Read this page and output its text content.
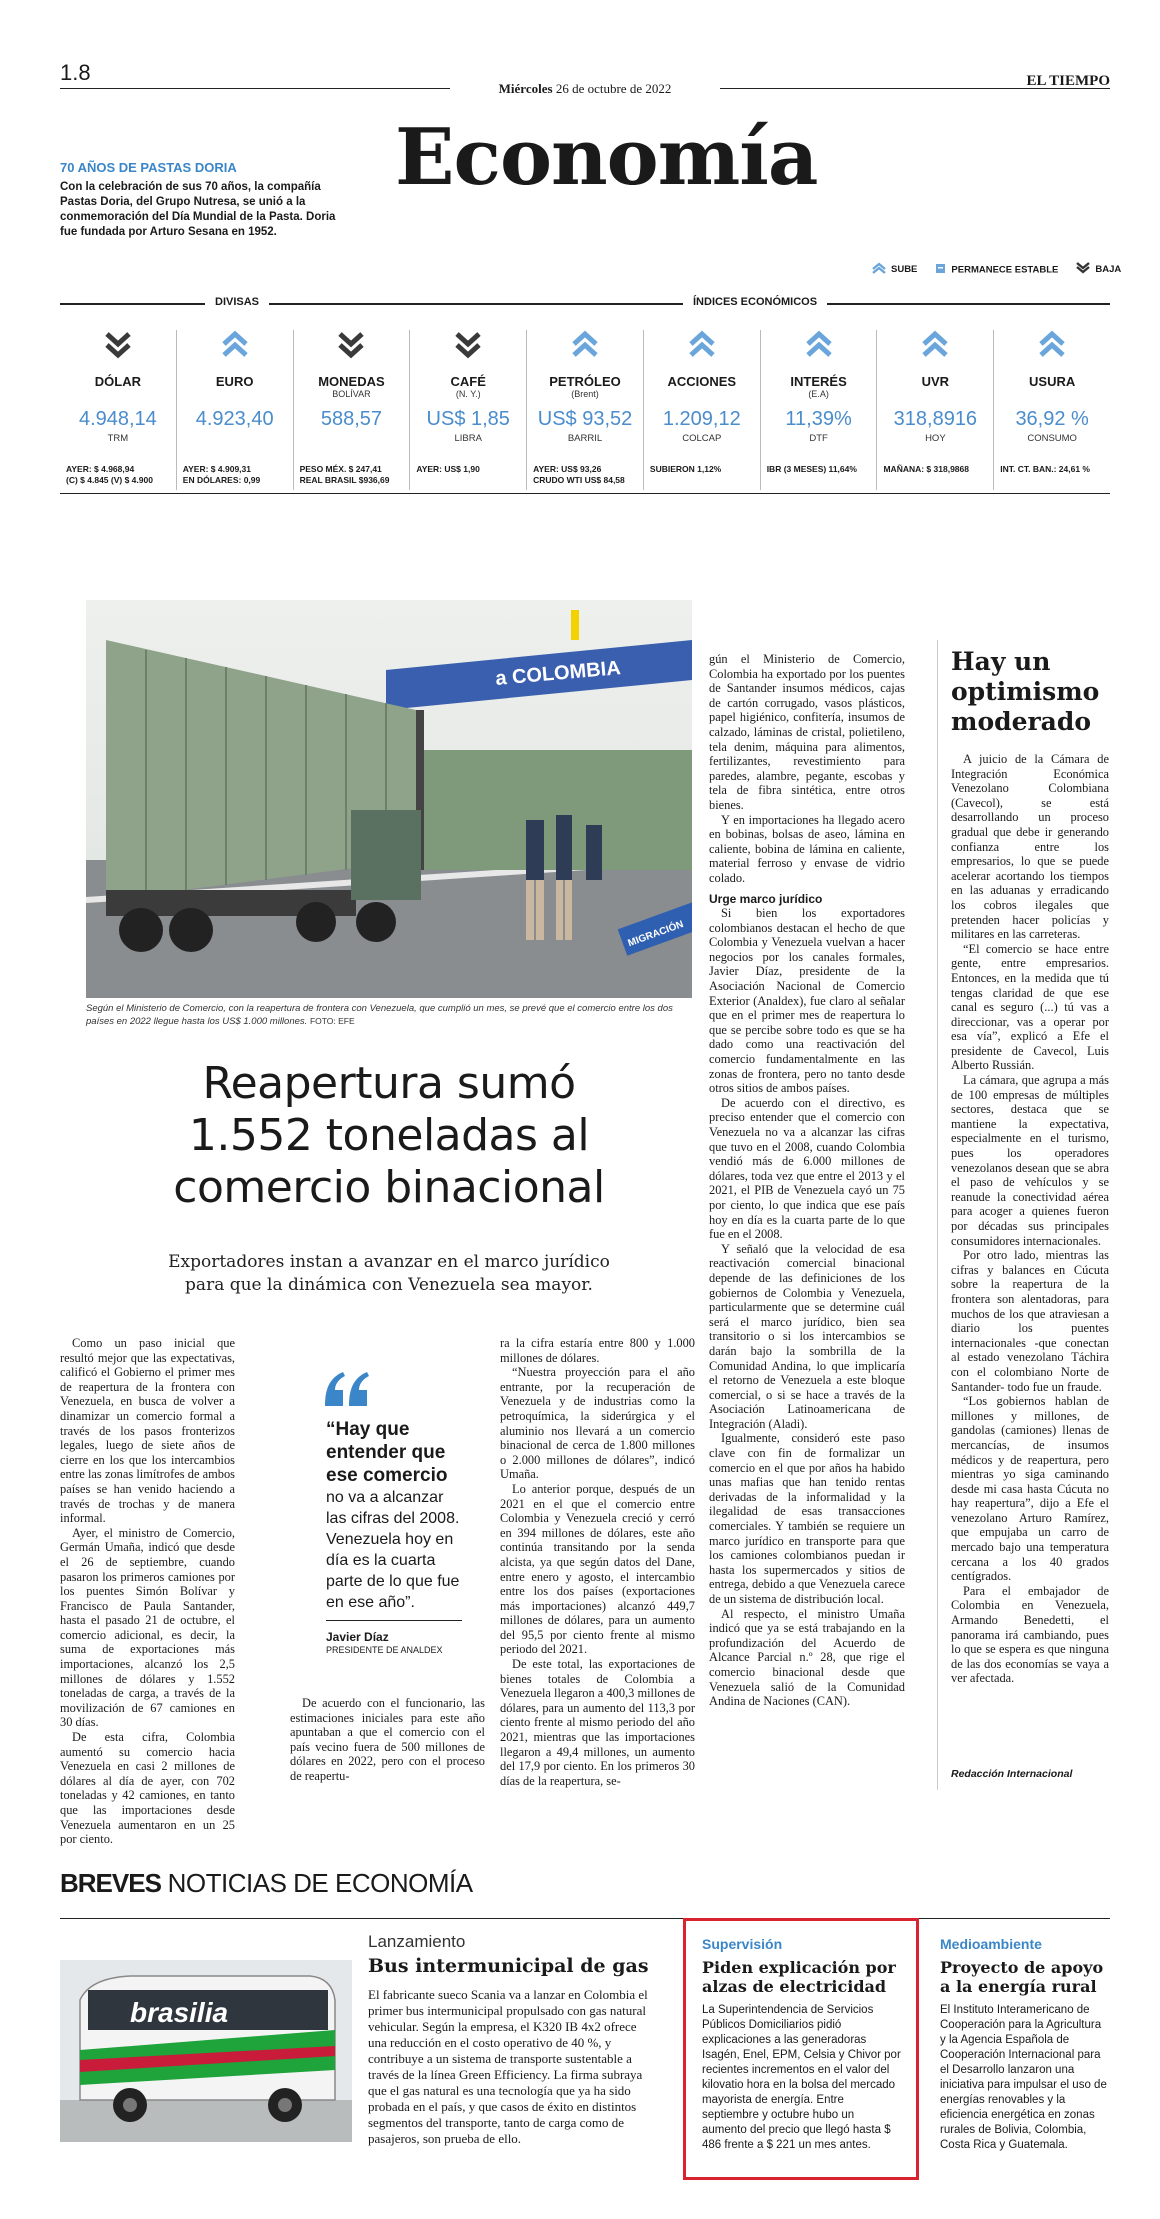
1.8
Miércoles 26 de octubre de 2022	EL TIEMPO
Economía
70 AÑOS DE PASTAS DORIA
Con la celebración de sus 70 años, la compañía Pastas Doria, del Grupo Nutresa, se unió a la conmemoración del Día Mundial de la Pasta. Doria fue fundada por Arturo Sesana en 1952.
SUBE	PERMANECE ESTABLE	BAJA
DIVISAS	ÍNDICES ECONÓMICOS
DÓLAR
4.948,14
TRM
AYER: $ 4.968,94
(C) $ 4.845 (V) $ 4.900
EURO
4.923,40
AYER: $ 4.909,31
EN DÓLARES: 0,99
MONEDAS
BOLÍVAR
588,57
PESO MÉX. $ 247,41
REAL BRASIL $936,69
CAFÉ
(N. Y.)
US$ 1,85
LIBRA
AYER: US$ 1,90
PETRÓLEO
(Brent)
US$ 93,52
BARRIL
AYER: US$ 93,26
CRUDO WTI US$ 84,58
ACCIONES
1.209,12
COLCAP
SUBIERON 1,12%
INTERÉS
(E.A)
11,39%
DTF
IBR (3 MESES) 11,64%
UVR
318,8916
HOY
MAÑANA: $ 318,9868
USURA
36,92 %
CONSUMO
INT. CT. BAN.: 24,61 %
a COLOMBIA
MIGRACIÓN
Según el Ministerio de Comercio, con la reapertura de frontera con Venezuela, que cumplió un mes, se prevé que el comercio entre los dos países en 2022 llegue hasta los US$ 1.000 millones. FOTO: EFE
Reapertura sumó
1.552 toneladas al
comercio binacional
Exportadores instan a avanzar en el marco jurídico
para que la dinámica con Venezuela sea mayor.

Como un paso inicial que resultó mejor que las expectativas, calificó el Gobierno el primer mes de reapertura de la frontera con Venezuela, en busca de volver a dinamizar un comercio formal a través de los pasos fronterizos legales, luego de siete años de cierre en los que los intercambios entre las zonas limítrofes de ambos países se han venido haciendo a través de trochas y de manera informal.

Ayer, el ministro de Comercio, Germán Umaña, indicó que desde el 26 de septiembre, cuando pasaron los primeros camiones por los puentes Simón Bolívar y Francisco de Paula Santander, hasta el pasado 21 de octubre, el comercio adicional, es decir, la suma de exportaciones más importaciones, alcanzó los 2,5 millones de dólares y 1.552 toneladas de carga, a través de la movilización de 67 camiones en 30 días.

De esta cifra, Colombia aumentó su comercio hacia Venezuela en casi 2 millones de dólares al día de ayer, con 702 toneladas y 42 camiones, en tanto que las importaciones desde Venezuela aumentaron en un 25 por ciento.

“Hay que entender que ese comercio
no va a alcanzar las cifras del 2008. Venezuela hoy en día es la cuarta parte de lo que fue en ese año”.
Javier Díaz
PRESIDENTE DE ANALDEX

De acuerdo con el funcionario, las estimaciones iniciales para este año apuntaban a que el comercio con el país vecino fuera de 500 millones de dólares en 2022, pero con el proceso de reapertu-

ra la cifra estaría entre 800 y 1.000 millones de dólares.

“Nuestra proyección para el año entrante, por la recuperación de Venezuela y de industrias como la petroquímica, la siderúrgica y el aluminio nos llevará a un comercio binacional de cerca de 1.800 millones o 2.000 millones de dólares”, indicó Umaña.

Lo anterior porque, después de un 2021 en el que el comercio entre Colombia y Venezuela creció y cerró en 394 millones de dólares, este año continúa transitando por la senda alcista, ya que según datos del Dane, entre enero y agosto, el intercambio entre los dos países (exportaciones más importaciones) alcanzó 449,7 millones de dólares, para un aumento del 95,5 por ciento frente al mismo periodo del 2021.

De este total, las exportaciones de bienes totales de Colombia a Venezuela llegaron a 400,3 millones de dólares, para un aumento del 113,3 por ciento frente al mismo periodo del año 2021, mientras que las importaciones llegaron a 49,4 millones, un aumento del 17,9 por ciento. En los primeros 30 días de la reapertura, se-

gún el Ministerio de Comercio, Colombia ha exportado por los puentes de Santander insumos médicos, cajas de cartón corrugado, vasos plásticos, papel higiénico, confitería, insumos de calzado, láminas de cristal, polietileno, tela denim, máquina para alimentos, fertilizantes, revestimiento para paredes, alambre, pegante, escobas y tela de fibra sintética, entre otros bienes.

Y en importaciones ha llegado acero en bobinas, bolsas de aseo, lámina en caliente, bobina de lámina en caliente, material ferroso y envase de vidrio colado.

Urge marco jurídico

Si bien los exportadores colombianos destacan el hecho de que Colombia y Venezuela vuelvan a hacer negocios por los canales formales, Javier Díaz, presidente de la Asociación Nacional de Comercio Exterior (Analdex), fue claro al señalar que en el primer mes de reapertura lo que se percibe sobre todo es que se ha dado como una reactivación del comercio fundamentalmente en las zonas de frontera, pero no tanto desde otros sitios de ambos países.

De acuerdo con el directivo, es preciso entender que el comercio con Venezuela no va a alcanzar las cifras que tuvo en el 2008, cuando Colombia vendió más de 6.000 millones de dólares, toda vez que entre el 2013 y el 2021, el PIB de Venezuela cayó un 75 por ciento, lo que indica que ese país hoy en día es la cuarta parte de lo que fue en el 2008.

Y señaló que la velocidad de esa reactivación comercial binacional depende de las definiciones de los gobiernos de Colombia y Venezuela, particularmente que se determine cuál será el marco jurídico, bien sea transitorio o si los intercambios se darán bajo la sombrilla de la Comunidad Andina, lo que implicaría el retorno de Venezuela a este bloque comercial, o si se hace a través de la Asociación Latinoamericana de Integración (Aladi).

Igualmente, consideró este paso clave con fin de formalizar un comercio en el que por años ha habido unas mafias que han tenido rentas derivadas de la informalidad y la ilegalidad de esas transacciones comerciales. Y también se requiere un marco jurídico en transporte para que los camiones colombianos puedan ir hasta los supermercados y sitios de entrega, debido a que Venezuela carece de un sistema de distribución local.

Al respecto, el ministro Umaña indicó que ya se está trabajando en la profundización del Acuerdo de Alcance Parcial n.º 28, que rige el comercio binacional desde que Venezuela salió de la Comunidad Andina de Naciones (CAN).

Hay un
optimismo
moderado

A juicio de la Cámara de Integración Económica Venezolano Colombiana (Cavecol), se está desarrollando un proceso gradual que debe ir generando confianza entre los empresarios, lo que se puede acelerar acortando los tiempos en las aduanas y erradicando los cobros ilegales que pretenden hacer policías y militares en las carreteras.

“El comercio se hace entre gente, entre empresarios. Entonces, en la medida que tú tengas claridad de que ese canal es seguro (...) tú vas a direccionar, vas a operar por esa vía”, explicó a Efe el presidente de Cavecol, Luis Alberto Russián.

La cámara, que agrupa a más de 100 empresas de múltiples sectores, destaca que se mantiene la expectativa, especialmente en el turismo, pues los operadores venezolanos desean que se abra el paso de vehículos y se reanude la conectividad aérea para acoger a quienes fueron por décadas sus principales consumidores internacionales.

Por otro lado, mientras las cifras y balances en Cúcuta sobre la reapertura de la frontera son alentadoras, para muchos de los que atraviesan a diario los puentes internacionales -que conectan al estado venezolano Táchira con el colombiano Norte de Santander- todo fue un fraude.

“Los gobiernos hablan de millones y millones, de gandolas (camiones) llenas de mercancías, de insumos médicos y de reapertura, pero mientras yo siga caminando desde mi casa hasta Cúcuta no hay reapertura”, dijo a Efe el venezolano Arturo Ramírez, que empujaba un carro de mercado bajo una temperatura cercana a los 40 grados centígrados.

Para el embajador de Colombia en Venezuela, Armando Benedetti, el panorama irá cambiando, pues lo que se espera es que ninguna de las dos economías se vaya a ver afectada.

Redacción Internacional
BREVES NOTICIAS DE ECONOMÍA
brasilia
Lanzamiento
Bus intermunicipal de gas
El fabricante sueco Scania va a lanzar en Colombia el primer bus intermunicipal propulsado con gas natural vehicular. Según la empresa, el K320 IB 4x2 ofrece una reducción en el costo operativo de 40 %, y contribuye a un sistema de transporte sustentable a través de la línea Green Efficiency. La firma subraya que el gas natural es una tecnología que ya ha sido probada en el país, y que casos de éxito en distintos segmentos del transporte, tanto de carga como de pasajeros, son prueba de ello.
Supervisión
Piden explicación por alzas de electricidad
La Superintendencia de Servicios Públicos Domiciliarios pidió explicaciones a las generadoras Isagén, Enel, EPM, Celsia y Chivor por recientes incrementos en el valor del kilovatio hora en la bolsa del mercado mayorista de energía. Entre septiembre y octubre hubo un aumento del precio que llegó hasta $ 486 frente a $ 221 un mes antes.
Medioambiente
Proyecto de apoyo a la energía rural
El Instituto Interamericano de Cooperación para la Agricultura y la Agencia Española de Cooperación Internacional para el Desarrollo lanzaron una iniciativa para impulsar el uso de energías renovables y la eficiencia energética en zonas rurales de Bolivia, Colombia, Costa Rica y Guatemala.
